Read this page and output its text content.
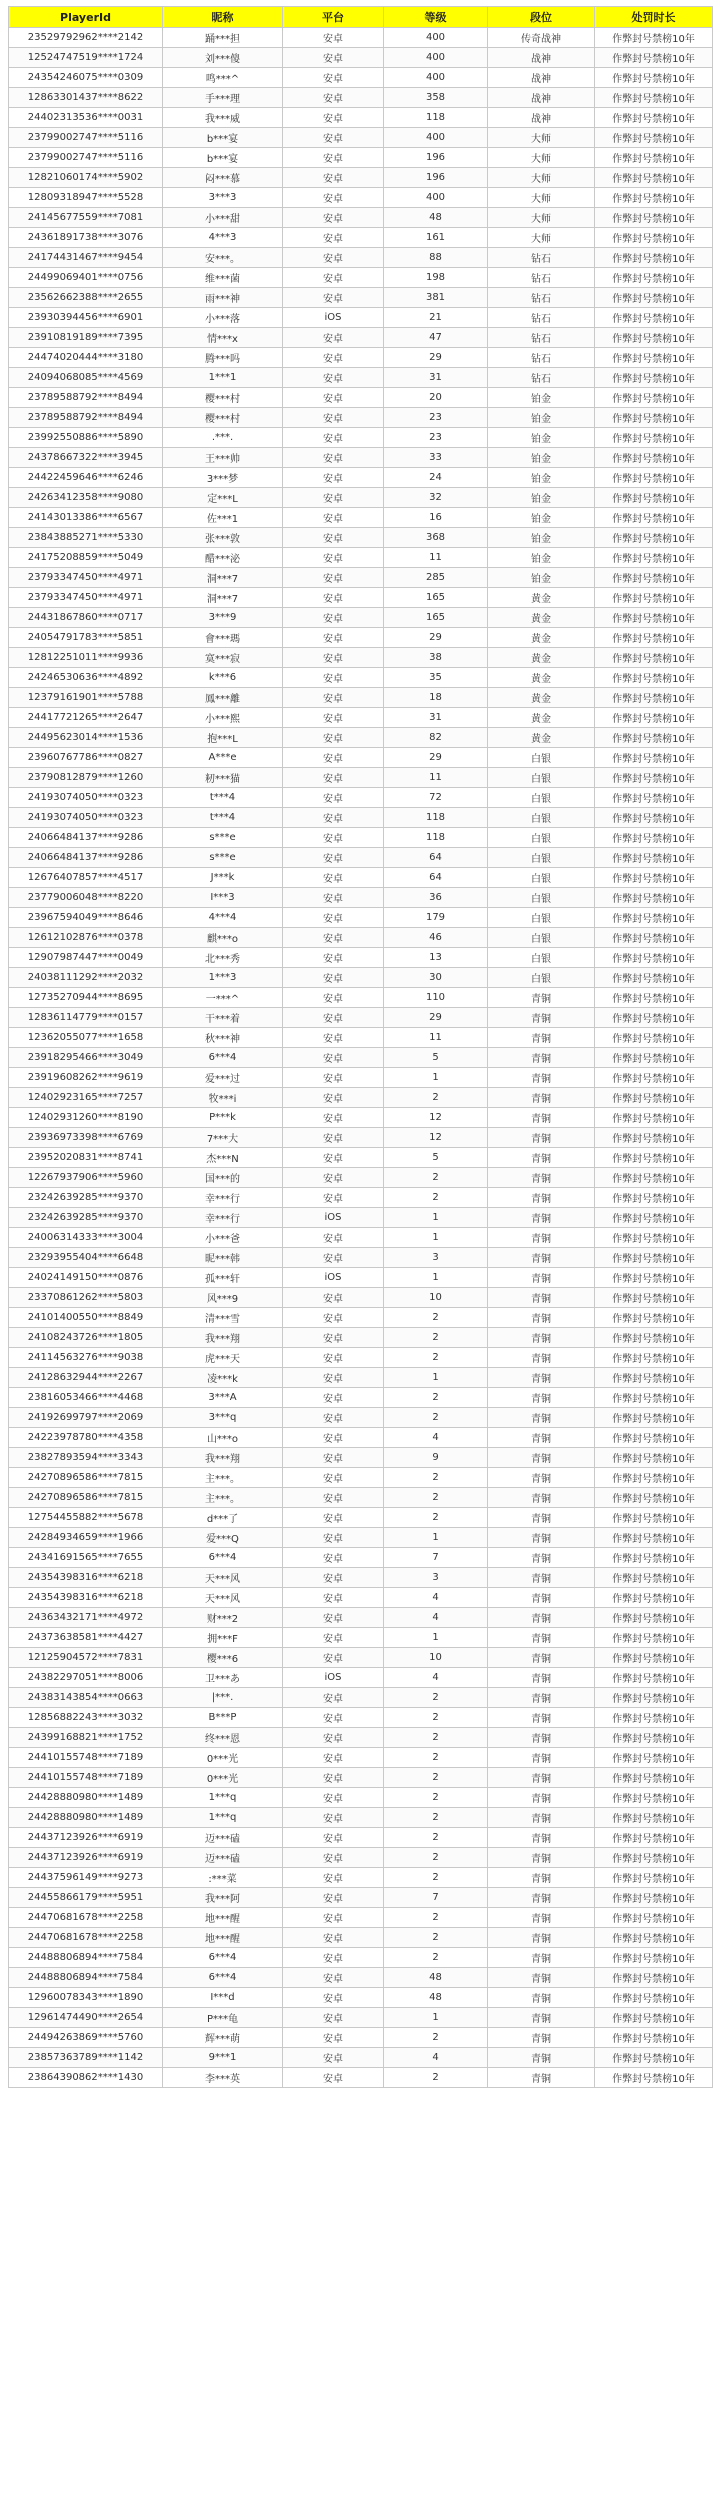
PlayerId	昵称	平台	等级	段位	处罚时长
23529792962****2142	踊***担	安卓	400	传奇战神	作弊封号禁榜10年
12524747519****1724	刘***傻	安卓	400	战神	作弊封号禁榜10年
24354246075****0309	鸣***^	安卓	400	战神	作弊封号禁榜10年
12863301437****8622	手***理	安卓	358	战神	作弊封号禁榜10年
24402313536****0031	我***威	安卓	118	战神	作弊封号禁榜10年
23799002747****5116	b***宴	安卓	400	大师	作弊封号禁榜10年
23799002747****5116	b***宴	安卓	196	大师	作弊封号禁榜10年
12821060174****5902	闷***慕	安卓	196	大师	作弊封号禁榜10年
12809318947****5528	3***3	安卓	400	大师	作弊封号禁榜10年
24145677559****7081	小***甜	安卓	48	大师	作弊封号禁榜10年
24361891738****3076	4***3	安卓	161	大师	作弊封号禁榜10年
24174431467****9454	安***。	安卓	88	钻石	作弊封号禁榜10年
24499069401****0756	维***菌	安卓	198	钻石	作弊封号禁榜10年
23562662388****2655	雨***神	安卓	381	钻石	作弊封号禁榜10年
23930394456****6901	小***落	iOS	21	钻石	作弊封号禁榜10年
23910819189****7395	情***x	安卓	47	钻石	作弊封号禁榜10年
24474020444****3180	腾***吗	安卓	29	钻石	作弊封号禁榜10年
24094068085****4569	1***1	安卓	31	钻石	作弊封号禁榜10年
23789588792****8494	樱***村	安卓	20	铂金	作弊封号禁榜10年
23789588792****8494	樱***村	安卓	23	铂金	作弊封号禁榜10年
23992550886****5890	.***.	安卓	23	铂金	作弊封号禁榜10年
24378667322****3945	王***帅	安卓	33	铂金	作弊封号禁榜10年
24422459646****6246	3***梦	安卓	24	铂金	作弊封号禁榜10年
24263412358****9080	定***L	安卓	32	铂金	作弊封号禁榜10年
24143013386****6567	佐***1	安卓	16	铂金	作弊封号禁榜10年
23843885271****5330	张***敦	安卓	368	铂金	作弊封号禁榜10年
24175208859****5049	醋***泌	安卓	11	铂金	作弊封号禁榜10年
23793347450****4971	洞***7	安卓	285	铂金	作弊封号禁榜10年
23793347450****4971	洞***7	安卓	165	黄金	作弊封号禁榜10年
24431867860****0717	3***9	安卓	165	黄金	作弊封号禁榜10年
24054791783****5851	會***瑪	安卓	29	黄金	作弊封号禁榜10年
12812251011****9936	寞***寂	安卓	38	黄金	作弊封号禁榜10年
24246530636****4892	k***6	安卓	35	黄金	作弊封号禁榜10年
12379161901****5788	鳳***離	安卓	18	黄金	作弊封号禁榜10年
24417721265****2647	小***熙	安卓	31	黄金	作弊封号禁榜10年
24495623014****1536	抱***L	安卓	82	黄金	作弊封号禁榜10年
23960767786****0827	A***e	安卓	29	白银	作弊封号禁榜10年
23790812879****1260	籾***猫	安卓	11	白银	作弊封号禁榜10年
24193074050****0323	t***4	安卓	72	白银	作弊封号禁榜10年
24193074050****0323	t***4	安卓	118	白银	作弊封号禁榜10年
24066484137****9286	s***e	安卓	118	白银	作弊封号禁榜10年
24066484137****9286	s***e	安卓	64	白银	作弊封号禁榜10年
12676407857****4517	J***k	安卓	64	白银	作弊封号禁榜10年
23779006048****8220	I***3	安卓	36	白银	作弊封号禁榜10年
23967594049****8646	4***4	安卓	179	白银	作弊封号禁榜10年
12612102876****0378	麒***o	安卓	46	白银	作弊封号禁榜10年
12907987447****0049	北***秀	安卓	13	白银	作弊封号禁榜10年
24038111292****2032	1***3	安卓	30	白银	作弊封号禁榜10年
12735270944****8695	一***^	安卓	110	青铜	作弊封号禁榜10年
12836114779****0157	干***着	安卓	29	青铜	作弊封号禁榜10年
12362055077****1658	秋***神	安卓	11	青铜	作弊封号禁榜10年
23918295466****3049	6***4	安卓	5	青铜	作弊封号禁榜10年
23919608262****9619	爱***过	安卓	1	青铜	作弊封号禁榜10年
12402923165****7257	牧***i	安卓	2	青铜	作弊封号禁榜10年
12402931260****8190	P***k	安卓	12	青铜	作弊封号禁榜10年
23936973398****6769	7***大	安卓	12	青铜	作弊封号禁榜10年
23952020831****8741	杰***N	安卓	5	青铜	作弊封号禁榜10年
12267937906****5960	国***的	安卓	2	青铜	作弊封号禁榜10年
23242639285****9370	幸***行	安卓	2	青铜	作弊封号禁榜10年
23242639285****9370	幸***行	iOS	1	青铜	作弊封号禁榜10年
24006314333****3004	小***爸	安卓	1	青铜	作弊封号禁榜10年
23293955404****6648	昵***韩	安卓	3	青铜	作弊封号禁榜10年
24024149150****0876	孤***轩	iOS	1	青铜	作弊封号禁榜10年
23370861262****5803	风***9	安卓	10	青铜	作弊封号禁榜10年
24101400550****8849	清***雪	安卓	2	青铜	作弊封号禁榜10年
24108243726****1805	我***翔	安卓	2	青铜	作弊封号禁榜10年
24114563276****9038	虎***天	安卓	2	青铜	作弊封号禁榜10年
24128632944****2267	凌***k	安卓	1	青铜	作弊封号禁榜10年
23816053466****4468	3***A	安卓	2	青铜	作弊封号禁榜10年
24192699797****2069	3***q	安卓	2	青铜	作弊封号禁榜10年
24223978780****4358	山***o	安卓	4	青铜	作弊封号禁榜10年
23827893594****3343	我***翔	安卓	9	青铜	作弊封号禁榜10年
24270896586****7815	主***。	安卓	2	青铜	作弊封号禁榜10年
24270896586****7815	主***。	安卓	2	青铜	作弊封号禁榜10年
12754455882****5678	d***了	安卓	2	青铜	作弊封号禁榜10年
24284934659****1966	爱***Q	安卓	1	青铜	作弊封号禁榜10年
24341691565****7655	6***4	安卓	7	青铜	作弊封号禁榜10年
24354398316****6218	天***风	安卓	3	青铜	作弊封号禁榜10年
24354398316****6218	天***风	安卓	4	青铜	作弊封号禁榜10年
24363432171****4972	财***2	安卓	4	青铜	作弊封号禁榜10年
24373638581****4427	拥***F	安卓	1	青铜	作弊封号禁榜10年
12125904572****7831	樱***6	安卓	10	青铜	作弊封号禁榜10年
24382297051****8006	卫***あ	iOS	4	青铜	作弊封号禁榜10年
24383143854****0663	|***.	安卓	2	青铜	作弊封号禁榜10年
12856882243****3032	B***P	安卓	2	青铜	作弊封号禁榜10年
24399168821****1752	终***恩	安卓	2	青铜	作弊封号禁榜10年
24410155748****7189	0***光	安卓	2	青铜	作弊封号禁榜10年
24410155748****7189	0***光	安卓	2	青铜	作弊封号禁榜10年
24428880980****1489	1***q	安卓	2	青铜	作弊封号禁榜10年
24428880980****1489	1***q	安卓	2	青铜	作弊封号禁榜10年
24437123926****6919	迈***磕	安卓	2	青铜	作弊封号禁榜10年
24437123926****6919	迈***磕	安卓	2	青铜	作弊封号禁榜10年
24437596149****9273	:***菜	安卓	2	青铜	作弊封号禁榜10年
24455866179****5951	我***阿	安卓	7	青铜	作弊封号禁榜10年
24470681678****2258	地***醒	安卓	2	青铜	作弊封号禁榜10年
24470681678****2258	地***醒	安卓	2	青铜	作弊封号禁榜10年
24488806894****7584	6***4	安卓	2	青铜	作弊封号禁榜10年
24488806894****7584	6***4	安卓	48	青铜	作弊封号禁榜10年
12960078343****1890	I***d	安卓	48	青铜	作弊封号禁榜10年
12961474490****2654	P***龟	安卓	1	青铜	作弊封号禁榜10年
24494263869****5760	辉***萌	安卓	2	青铜	作弊封号禁榜10年
23857363789****1142	9***1	安卓	4	青铜	作弊封号禁榜10年
23864390862****1430	李***英	安卓	2	青铜	作弊封号禁榜10年
